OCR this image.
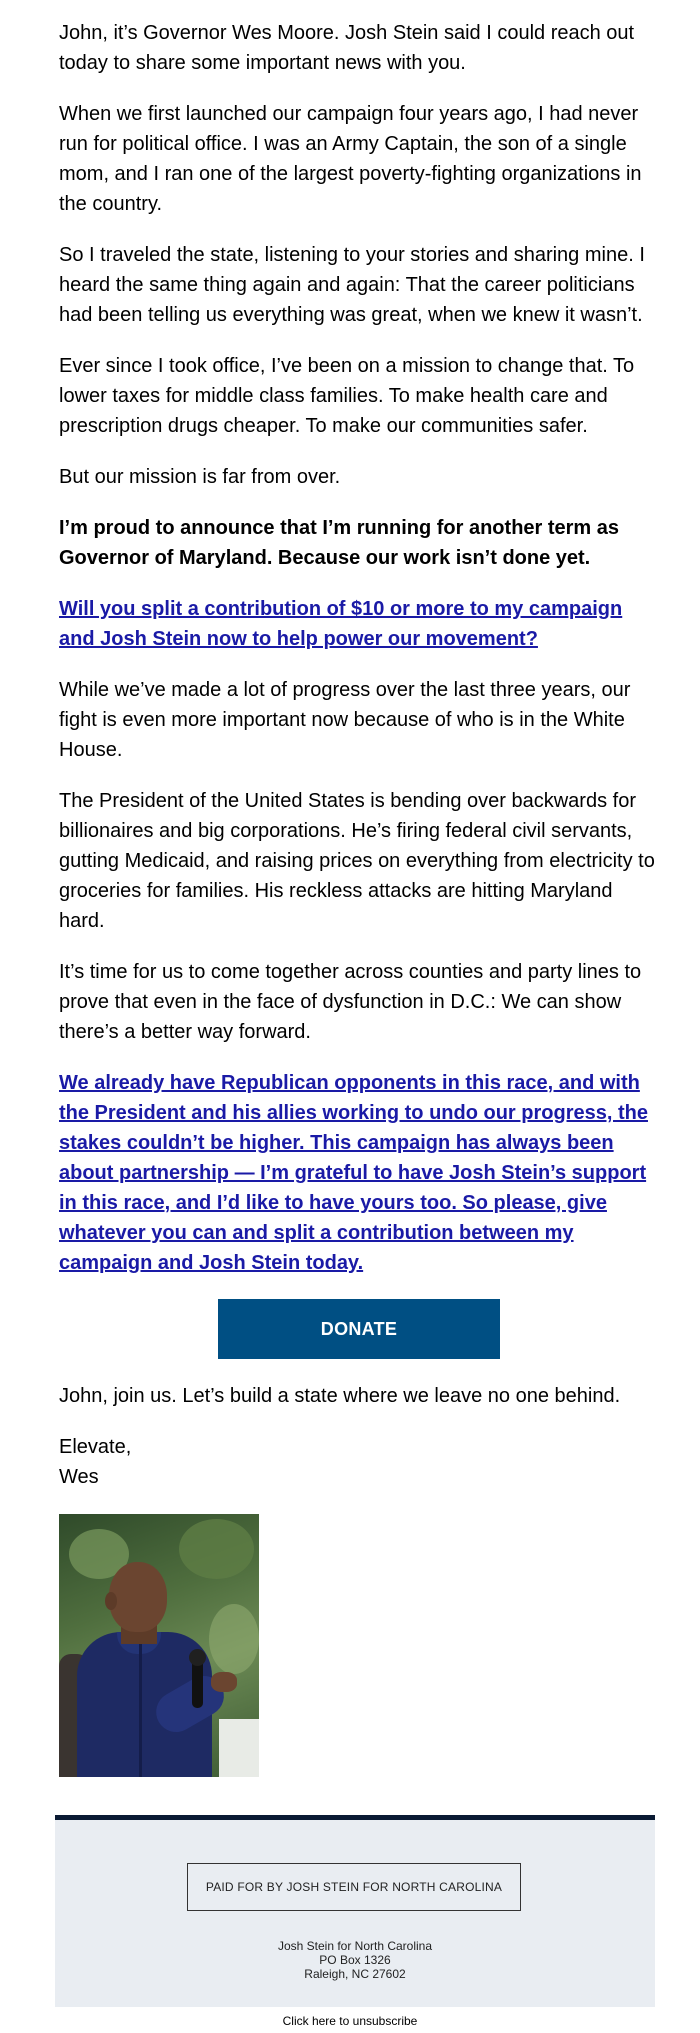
John, it’s Governor Wes Moore. Josh Stein said I could reach out today to share some important news with you.

When we first launched our campaign four years ago, I had never run for political office. I was an Army Captain, the son of a single mom, and I ran one of the largest poverty-fighting organizations in the country.

So I traveled the state, listening to your stories and sharing mine. I heard the same thing again and again: That the career politicians had been telling us everything was great, when we knew it wasn’t.

Ever since I took office, I’ve been on a mission to change that. To lower taxes for middle class families. To make health care and prescription drugs cheaper. To make our communities safer.

But our mission is far from over.

I’m proud to announce that I’m running for another term as Governor of Maryland. Because our work isn’t done yet.

Will you split a contribution of $10 or more to my campaign and Josh Stein now to help power our movement?

While we’ve made a lot of progress over the last three years, our fight is even more important now because of who is in the White House.

The President of the United States is bending over backwards for billionaires and big corporations. He’s firing federal civil servants, gutting Medicaid, and raising prices on everything from electricity to groceries for families. His reckless attacks are hitting Maryland hard.

It’s time for us to come together across counties and party lines to prove that even in the face of dysfunction in D.C.: We can show there’s a better way forward.

We already have Republican opponents in this race, and with the President and his allies working to undo our progress, the stakes couldn’t be higher. This campaign has always been about partnership — I’m grateful to have Josh Stein’s support in this race, and I’d like to have yours too. So please, give whatever you can and split a contribution between my campaign and Josh Stein today.

DONATE

John, join us. Let’s build a state where we leave no one behind.

Elevate,
Wes
PAID FOR BY JOSH STEIN FOR NORTH CAROLINA
Josh Stein for North Carolina
PO Box 1326
Raleigh, NC 27602
Click here to unsubscribe
